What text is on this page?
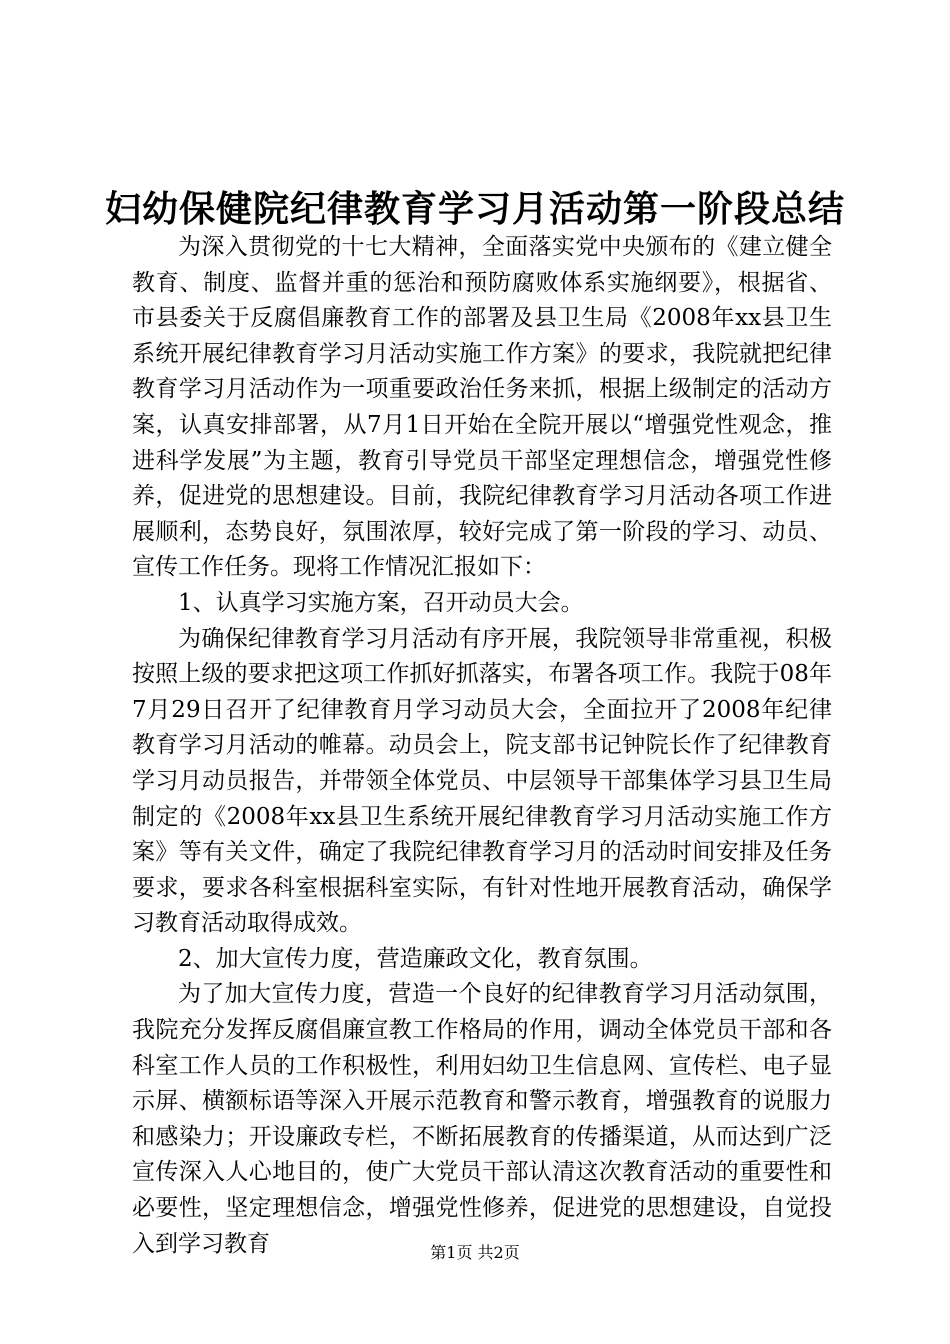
妇幼保健院纪律教育学习月活动第一阶段总结

为深入贯彻党的十七大精神，全面落实党中央颁布的《建立健全教育、制度、监督并重的惩治和预防腐败体系实施纲要》，根据省、市县委关于反腐倡廉教育工作的部署及县卫生局《2008年xx县卫生系统开展纪律教育学习月活动实施工作方案》的要求，我院就把纪律教育学习月活动作为一项重要政治任务来抓，根据上级制定的活动方案，认真安排部署，从7月1日开始在全院开展以“增强党性观念，推进科学发展”为主题，教育引导党员干部坚定理想信念，增强党性修养，促进党的思想建设。目前，我院纪律教育学习月活动各项工作进展顺利，态势良好，氛围浓厚，较好完成了第一阶段的学习、动员、宣传工作任务。现将工作情况汇报如下：

1、认真学习实施方案，召开动员大会。

为确保纪律教育学习月活动有序开展，我院领导非常重视，积极按照上级的要求把这项工作抓好抓落实，布署各项工作。我院于08年7月29日召开了纪律教育月学习动员大会，全面拉开了2008年纪律教育学习月活动的帷幕。动员会上，院支部书记钟院长作了纪律教育学习月动员报告，并带领全体党员、中层领导干部集体学习县卫生局制定的《2008年xx县卫生系统开展纪律教育学习月活动实施工作方案》等有关文件，确定了我院纪律教育学习月的活动时间安排及任务要求，要求各科室根据科室实际，有针对性地开展教育活动，确保学习教育活动取得成效。

2、加大宣传力度，营造廉政文化，教育氛围。

为了加大宣传力度，营造一个良好的纪律教育学习月活动氛围，我院充分发挥反腐倡廉宣教工作格局的作用，调动全体党员干部和各科室工作人员的工作积极性，利用妇幼卫生信息网、宣传栏、电子显示屏、横额标语等深入开展示范教育和警示教育，增强教育的说服力和感染力；开设廉政专栏，不断拓展教育的传播渠道，从而达到广泛宣传深入人心地目的，使广大党员干部认清这次教育活动的重要性和必要性，坚定理想信念，增强党性修养，促进党的思想建设，自觉投入到学习教育	第1页 共2页
